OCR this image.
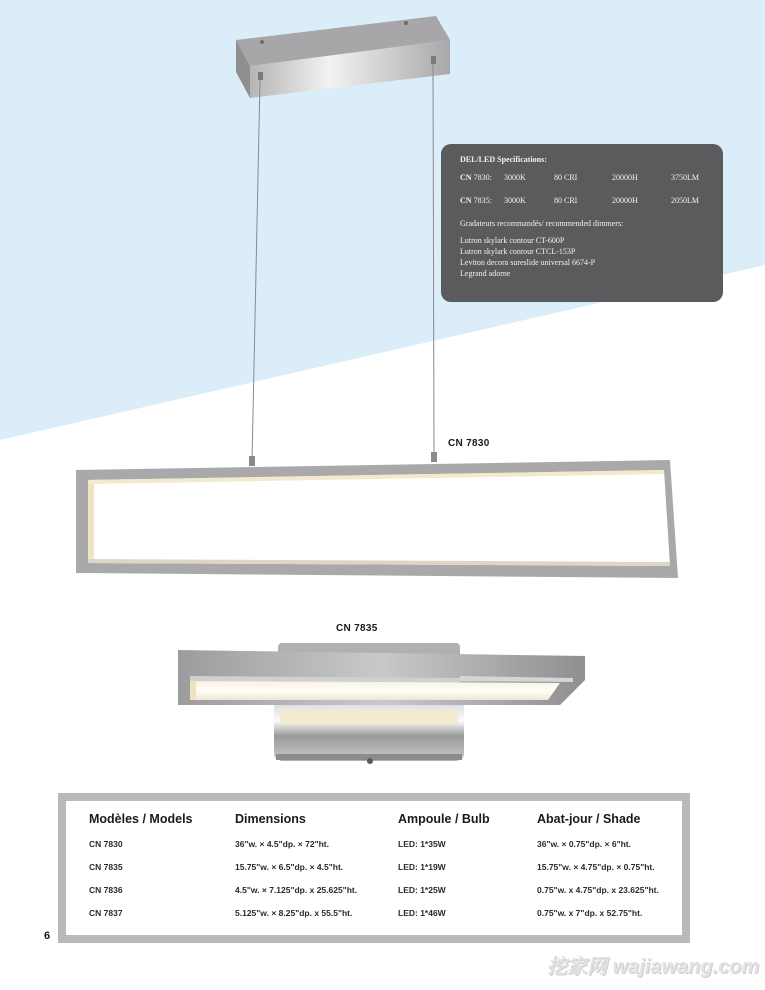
DEL/LED Specifications:
CN 7830: 3000K	80 CRI	20000H	3750LM
CN 7835: 3000K	80 CRI	20000H	2050LM
Gradateurs recommandés/ recommended dimmers:
Lutron skylark contour CT-600P
Lutron skylark contour CTCL-153P
Leviton decora sureslide universal 6674-P
Legrand adorne
CN 7830
CN 7835
Modèles / Models	Dimensions	Ampoule / Bulb	Abat-jour / Shade
CN 7830	36"w. × 4.5"dp. × 72"ht.	LED: 1*35W	36"w. × 0.75"dp. × 6"ht.
CN 7835	15.75"w. × 6.5"dp. × 4.5"ht.	LED: 1*19W	15.75"w. × 4.75"dp. × 0.75"ht.
CN 7836	4.5"w. × 7.125"dp. x 25.625"ht.	LED: 1*25W	0.75"w. x 4.75"dp. x 23.625"ht.
CN 7837	5.125"w. × 8.25"dp. x 55.5"ht.	LED: 1*46W	0.75"w. x 7"dp. x 52.75"ht.
6
挖家网 wajiawang.com
